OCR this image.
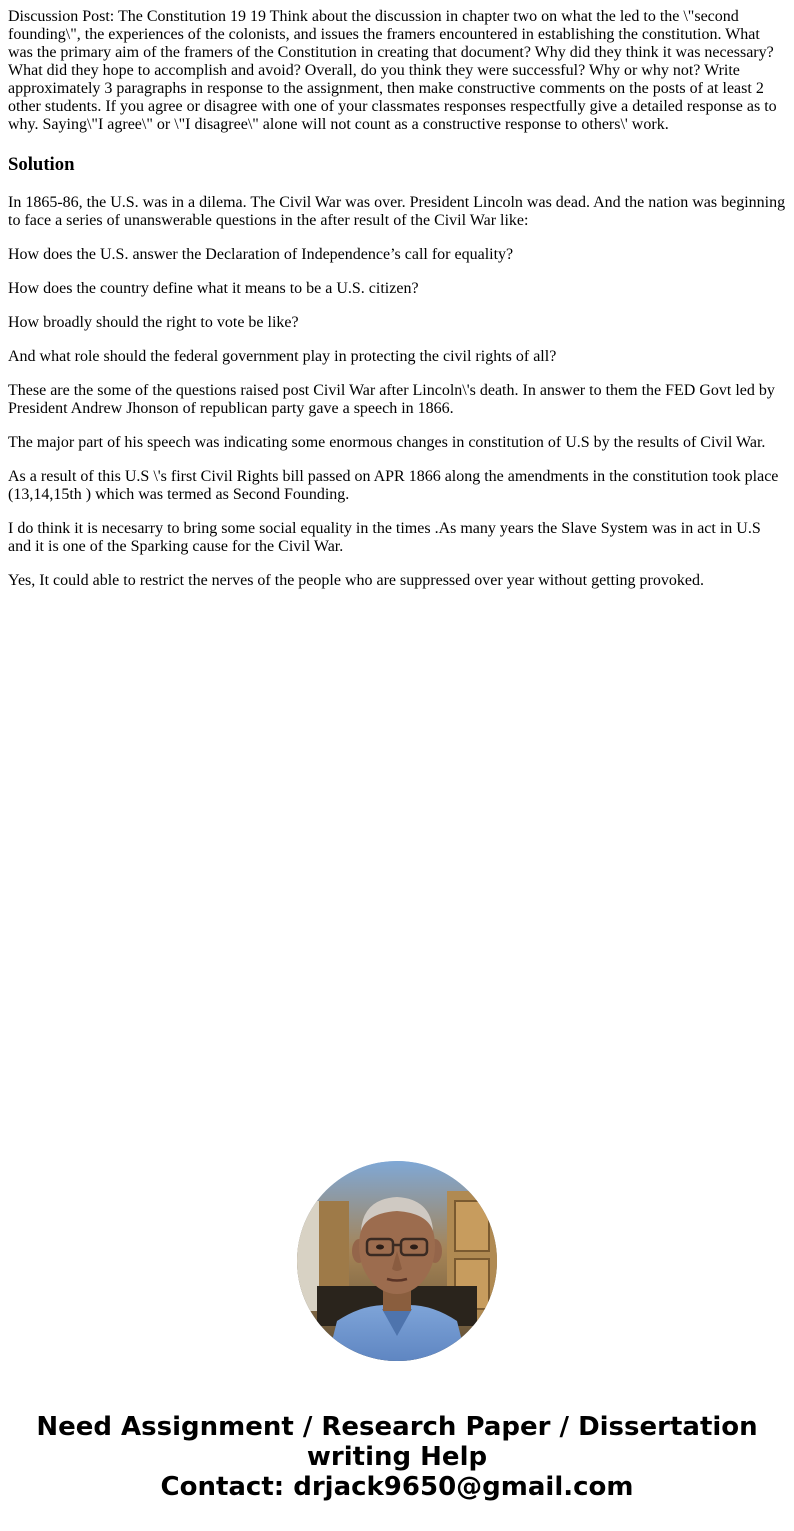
Discussion Post: The Constitution 19 19 Think about the discussion in chapter two on what the led to the \"second founding\", the experiences of the colonists, and issues the framers encountered in establishing the constitution. What was the primary aim of the framers of the Constitution in creating that document? Why did they think it was necessary? What did they hope to accomplish and avoid? Overall, do you think they were successful? Why or why not? Write approximately 3 paragraphs in response to the assignment, then make constructive comments on the posts of at least 2 other students. If you agree or disagree with one of your classmates responses respectfully give a detailed response as to why. Saying\"I agree\" or \"I disagree\" alone will not count as a constructive response to others\' work.
Solution

In 1865-86, the U.S. was in a dilema. The Civil War was over. President Lincoln was dead. And the nation was beginning to face a series of unanswerable questions in the after result of the Civil War like:

How does the U.S. answer the Declaration of Independence’s call for equality?

How does the country define what it means to be a U.S. citizen?

How broadly should the right to vote be like?

And what role should the federal government play in protecting the civil rights of all?

These are the some of the questions raised post Civil War after Lincoln\'s death. In answer to them the FED Govt led by President Andrew Jhonson of republican party gave a speech in 1866.

The major part of his speech was indicating some enormous changes in constitution of U.S by the results of Civil War.

As a result of this U.S \'s first Civil Rights bill passed on APR 1866 along the amendments in the constitution took place (13,14,15th ) which was termed as Second Founding.

I do think it is necesarry to bring some social equality in the times .As many years the Slave System was in act in U.S and it is one of the Sparking cause for the Civil War.

Yes, It could able to restrict the nerves of the people who are suppressed over year without getting provoked.

Need Assignment / Research Paper / Dissertation
writing Help
Contact: drjack9650@gmail.com
